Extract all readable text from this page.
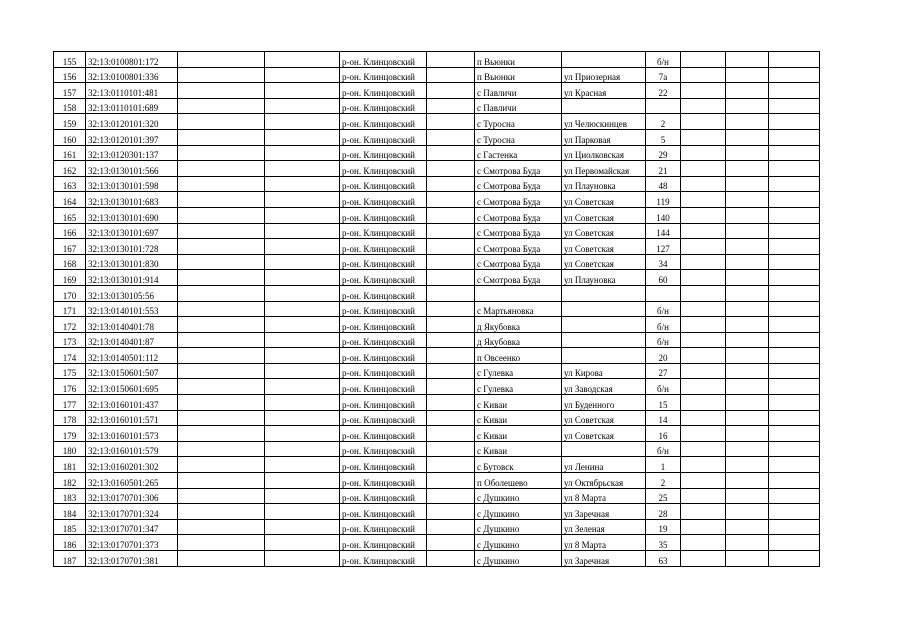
155	32:13:0100801:172			р-он. Клинцовский		п Вьюнки		б/н			
156	32:13:0100801:336			р-он. Клинцовский		п Вьюнки	ул Приозерная	7а			
157	32:13:0110101:481			р-он. Клинцовский		с Павличи	ул Красная	22			
158	32:13:0110101:689			р-он. Клинцовский		с Павличи					
159	32:13:0120101:320			р-он. Клинцовский		с Туросна	ул Челюскинцев	2			
160	32:13:0120101:397			р-он. Клинцовский		с Туросна	ул Парковая	5			
161	32:13:0120301:137			р-он. Клинцовский		с Гастенка	ул Циолковская	29			
162	32:13:0130101:566			р-он. Клинцовский		с Смотрова Буда	ул Первомайская	21			
163	32:13:0130101:598			р-он. Клинцовский		с Смотрова Буда	ул Плауновка	48			
164	32:13:0130101:683			р-он. Клинцовский		с Смотрова Буда	ул Советская	119			
165	32:13:0130101:690			р-он. Клинцовский		с Смотрова Буда	ул Советская	140			
166	32:13:0130101:697			р-он. Клинцовский		с Смотрова Буда	ул Советская	144			
167	32:13:0130101:728			р-он. Клинцовский		с Смотрова Буда	ул Советская	127			
168	32:13:0130101:830			р-он. Клинцовский		с Смотрова Буда	ул Советская	34			
169	32:13:0130101:914			р-он. Клинцовский		с Смотрова Буда	ул Плауновка	60			
170	32:13:0130105:56			р-он. Клинцовский							
171	32:13:0140101:553			р-он. Клинцовский		с Мартьяновка		б/н			
172	32:13:0140401:78			р-он. Клинцовский		д Якубовка		б/н			
173	32:13:0140401:87			р-он. Клинцовский		д Якубовка		б/н			
174	32:13:0140501:112			р-он. Клинцовский		п Овсеенко		20			
175	32:13:0150601:507			р-он. Клинцовский		с Гулевка	ул Кирова	27			
176	32:13:0150601:695			р-он. Клинцовский		с Гулевка	ул Заводская	б/н			
177	32:13:0160101:437			р-он. Клинцовский		с Киваи	ул Буденного	15			
178	32:13:0160101:571			р-он. Клинцовский		с Киваи	ул Советская	14			
179	32:13:0160101:573			р-он. Клинцовский		с Киваи	ул Советская	16			
180	32:13:0160101:579			р-он. Клинцовский		с Киваи		б/н			
181	32:13:0160201:302			р-он. Клинцовский		с Бутовск	ул Ленина	1			
182	32:13:0160501:265			р-он. Клинцовский		п Оболешево	ул Октябрьская	2			
183	32:13:0170701:306			р-он. Клинцовский		с Душкино	ул 8 Марта	25			
184	32:13:0170701:324			р-он. Клинцовский		с Душкино	ул Заречная	28			
185	32:13:0170701:347			р-он. Клинцовский		с Душкино	ул Зеленая	19			
186	32:13:0170701:373			р-он. Клинцовский		с Душкино	ул 8 Марта	35			
187	32:13:0170701:381			р-он. Клинцовский		с Душкино	ул Заречная	63			
